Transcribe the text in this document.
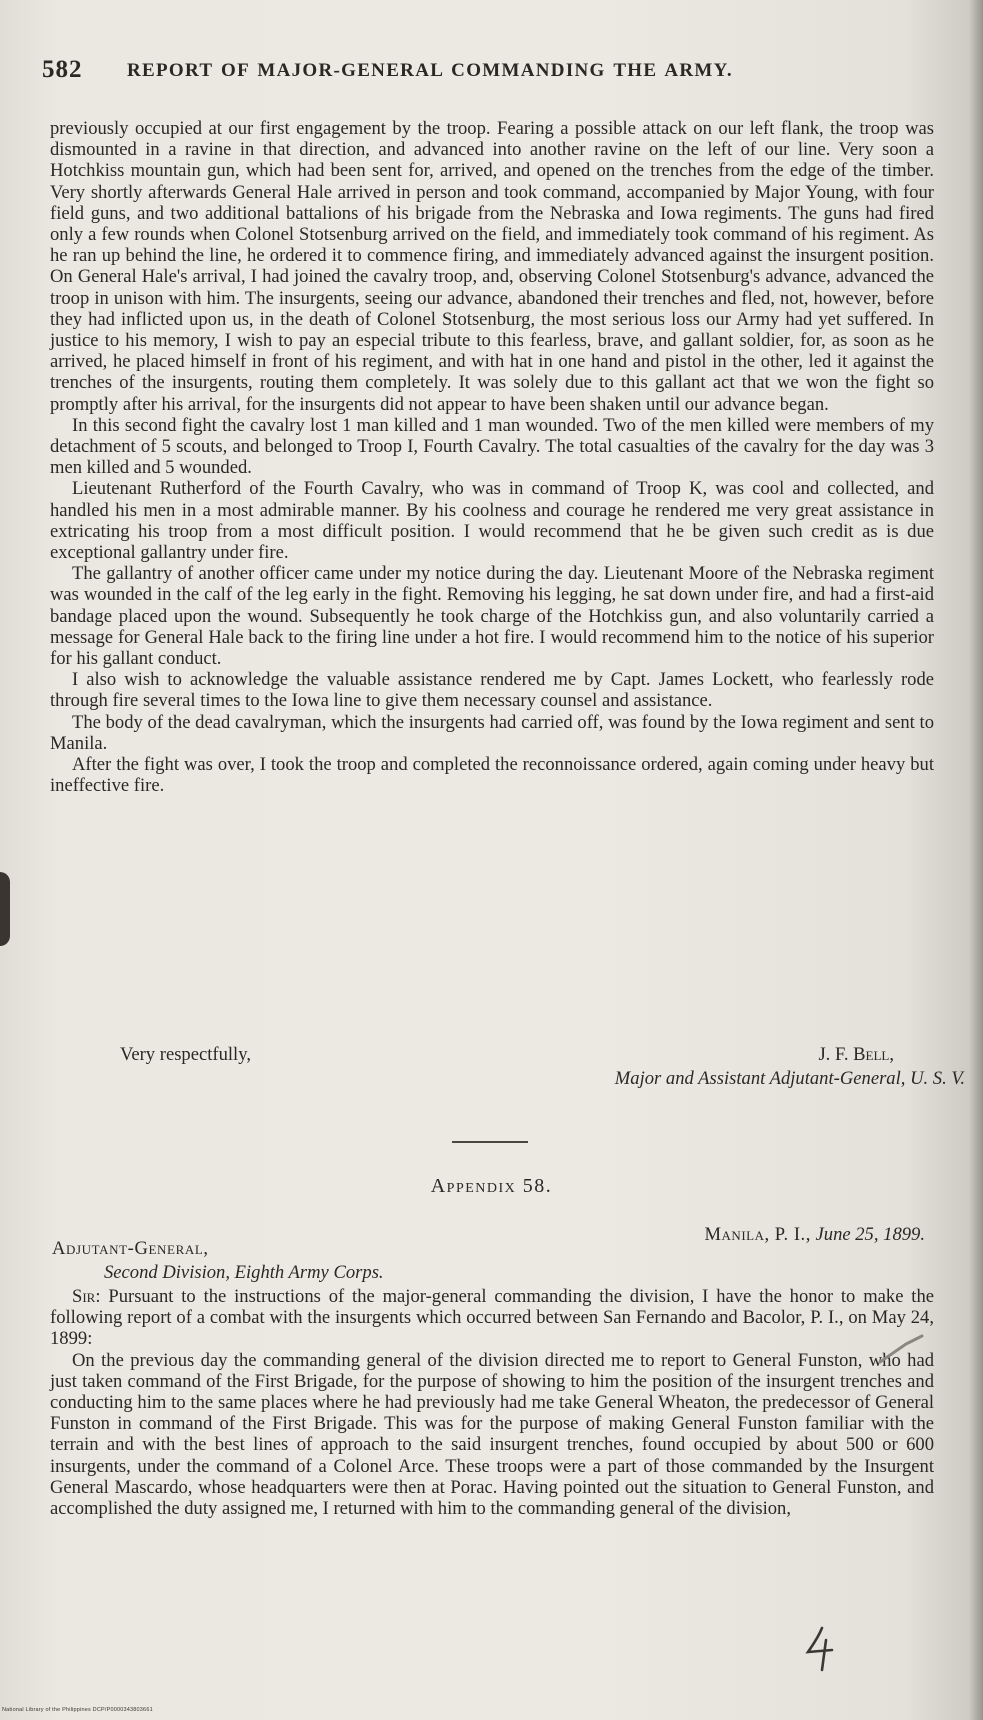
582 REPORT OF MAJOR-GENERAL COMMANDING THE ARMY.

previously occupied at our first engagement by the troop. Fearing a possible attack on our left flank, the troop was dismounted in a ravine in that direction, and advanced into another ravine on the left of our line. Very soon a Hotchkiss mountain gun, which had been sent for, arrived, and opened on the trenches from the edge of the timber. Very shortly afterwards General Hale arrived in person and took command, accompanied by Major Young, with four field guns, and two additional battalions of his brigade from the Nebraska and Iowa regiments. The guns had fired only a few rounds when Colonel Stotsenburg arrived on the field, and immediately took command of his regiment. As he ran up behind the line, he ordered it to commence firing, and immediately advanced against the insurgent position. On General Hale's arrival, I had joined the cavalry troop, and, observing Colonel Stotsenburg's advance, advanced the troop in unison with him. The insurgents, seeing our advance, abandoned their trenches and fled, not, however, before they had inflicted upon us, in the death of Colonel Stotsenburg, the most serious loss our Army had yet suffered. In justice to his memory, I wish to pay an especial tribute to this fearless, brave, and gallant soldier, for, as soon as he arrived, he placed himself in front of his regiment, and with hat in one hand and pistol in the other, led it against the trenches of the insurgents, routing them completely. It was solely due to this gallant act that we won the fight so promptly after his arrival, for the insurgents did not appear to have been shaken until our advance began.

In this second fight the cavalry lost 1 man killed and 1 man wounded. Two of the men killed were members of my detachment of 5 scouts, and belonged to Troop I, Fourth Cavalry. The total casualties of the cavalry for the day was 3 men killed and 5 wounded.

Lieutenant Rutherford of the Fourth Cavalry, who was in command of Troop K, was cool and collected, and handled his men in a most admirable manner. By his coolness and courage he rendered me very great assistance in extricating his troop from a most difficult position. I would recommend that he be given such credit as is due exceptional gallantry under fire.

The gallantry of another officer came under my notice during the day. Lieutenant Moore of the Nebraska regiment was wounded in the calf of the leg early in the fight. Removing his legging, he sat down under fire, and had a first-aid bandage placed upon the wound. Subsequently he took charge of the Hotchkiss gun, and also voluntarily carried a message for General Hale back to the firing line under a hot fire. I would recommend him to the notice of his superior for his gallant conduct.

I also wish to acknowledge the valuable assistance rendered me by Capt. James Lockett, who fearlessly rode through fire several times to the Iowa line to give them necessary counsel and assistance.

The body of the dead cavalryman, which the insurgents had carried off, was found by the Iowa regiment and sent to Manila.

After the fight was over, I took the troop and completed the reconnoissance ordered, again coming under heavy but ineffective fire.

Very respectfully,	J. F. Bell,
Major and Assistant Adjutant-General, U. S. V.
Appendix 58.
Manila, P. I., June 25, 1899.
Adjutant-General,
Second Division, Eighth Army Corps.

Sir: Pursuant to the instructions of the major-general commanding the division, I have the honor to make the following report of a combat with the insurgents which occurred between San Fernando and Bacolor, P. I., on May 24, 1899:

On the previous day the commanding general of the division directed me to report to General Funston, who had just taken command of the First Brigade, for the purpose of showing to him the position of the insurgent trenches and conducting him to the same places where he had previously had me take General Wheaton, the predecessor of General Funston in command of the First Brigade. This was for the purpose of making General Funston familiar with the terrain and with the best lines of approach to the said insurgent trenches, found occupied by about 500 or 600 insurgents, under the command of a Colonel Arce. These troops were a part of those commanded by the Insurgent General Mascardo, whose headquarters were then at Porac. Having pointed out the situation to General Funston, and accomplished the duty assigned me, I returned with him to the commanding general of the division,

National Library of the Philippines DCP/P0000343803661
